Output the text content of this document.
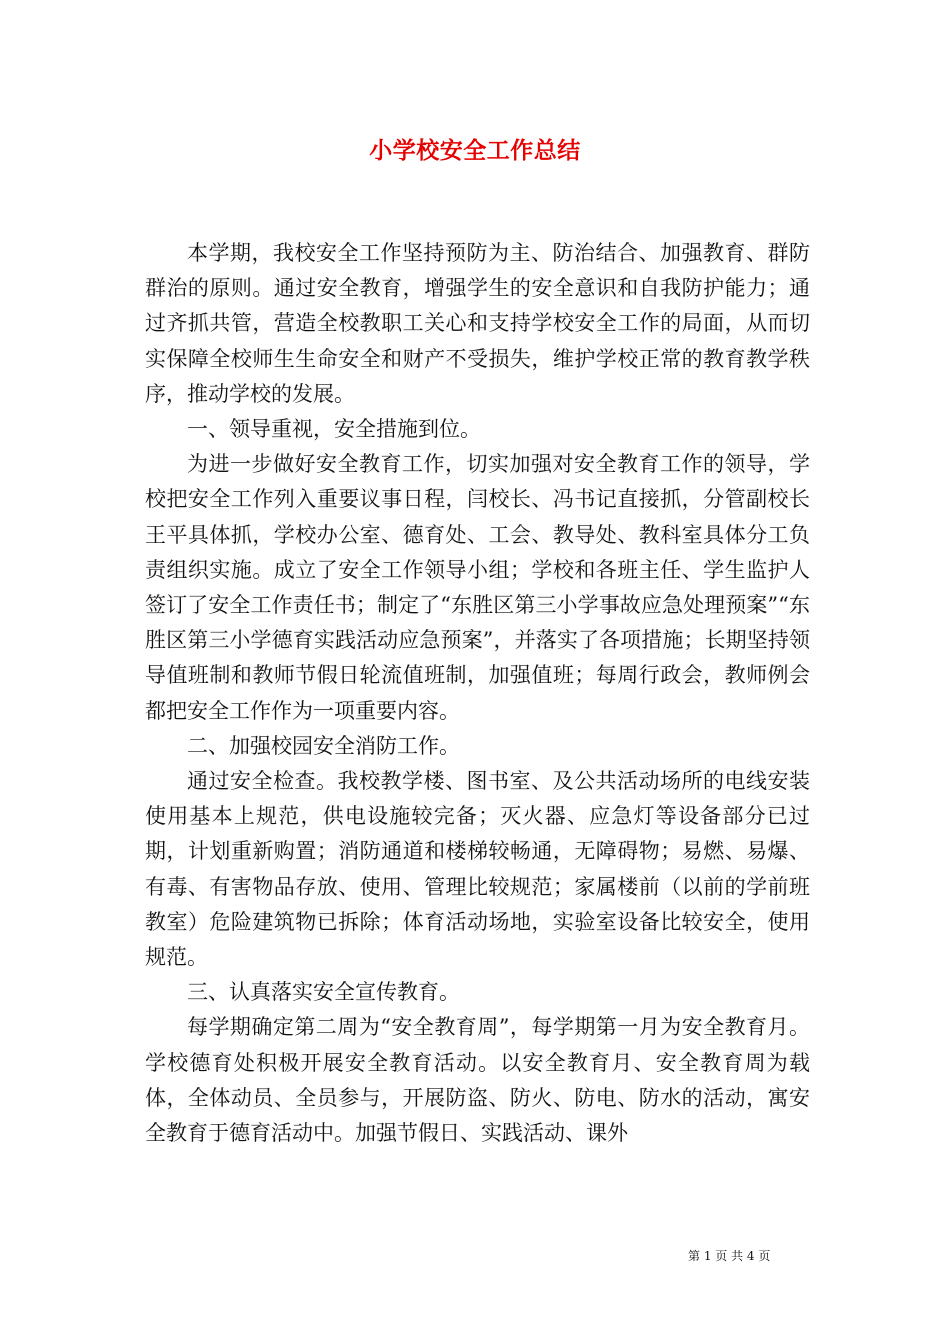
小学校安全工作总结

本学期，我校安全工作坚持预防为主、防治结合、加强教育、群防群治的原则。通过安全教育，增强学生的安全意识和自我防护能力；通过齐抓共管，营造全校教职工关心和支持学校安全工作的局面，从而切实保障全校师生生命安全和财产不受损失，维护学校正常的教育教学秩序，推动学校的发展。

一、领导重视，安全措施到位。

为进一步做好安全教育工作，切实加强对安全教育工作的领导，学校把安全工作列入重要议事日程，闫校长、冯书记直接抓，分管副校长王平具体抓，学校办公室、德育处、工会、教导处、教科室具体分工负责组织实施。成立了安全工作领导小组；学校和各班主任、学生监护人签订了安全工作责任书；制定了“东胜区第三小学事故应急处理预案”“东胜区第三小学德育实践活动应急预案”，并落实了各项措施；长期坚持领导值班制和教师节假日轮流值班制，加强值班；每周行政会，教师例会都把安全工作作为一项重要内容。

二、加强校园安全消防工作。

通过安全检查。我校教学楼、图书室、及公共活动场所的电线安装使用基本上规范，供电设施较完备；灭火器、应急灯等设备部分已过期，计划重新购置；消防通道和楼梯较畅通，无障碍物；易燃、易爆、有毒、有害物品存放、使用、管理比较规范；家属楼前（以前的学前班教室）危险建筑物已拆除；体育活动场地，实验室设备比较安全，使用规范。

三、认真落实安全宣传教育。

每学期确定第二周为“安全教育周”，每学期第一月为安全教育月。学校德育处积极开展安全教育活动。以安全教育月、安全教育周为载体，全体动员、全员参与，开展防盗、防火、防电、防水的活动，寓安全教育于德育活动中。加强节假日、实践活动、课外

第 1 页 共 4 页
